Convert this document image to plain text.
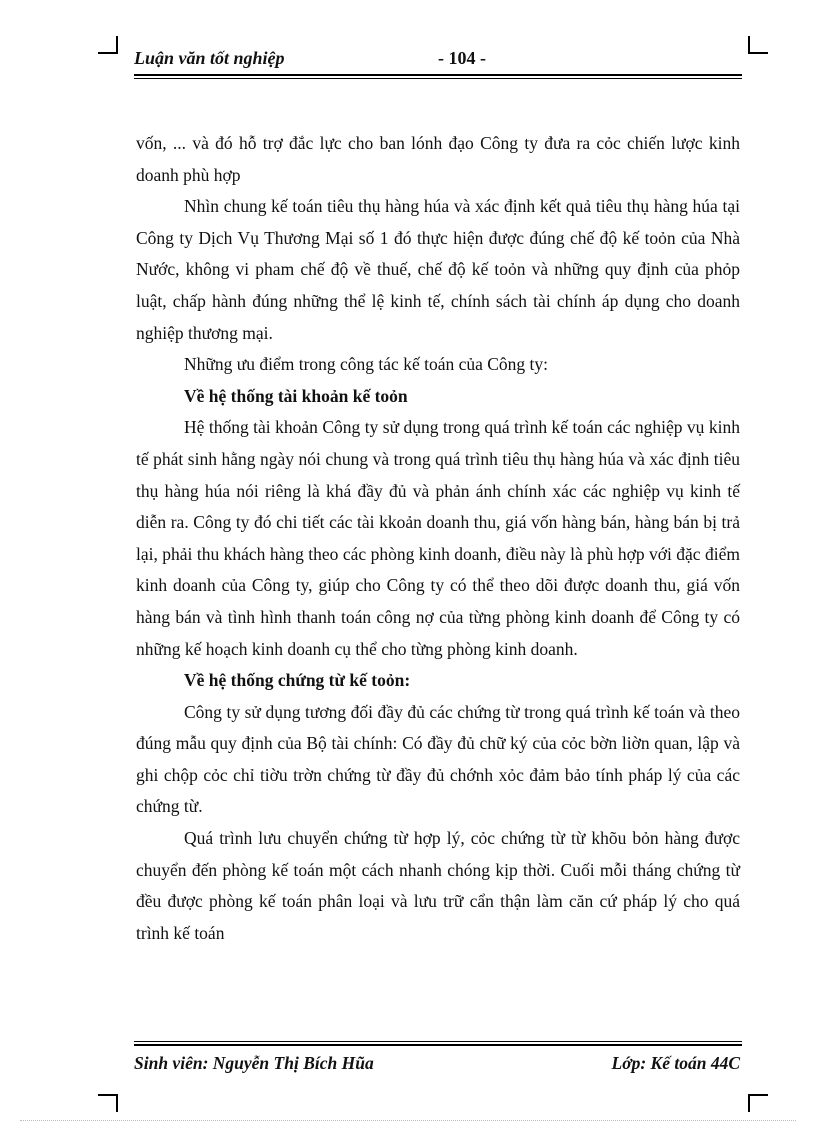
Luận văn tốt nghiệp	- 104 -

vốn, ... và đó hỗ trợ đắc lực cho ban lónh đạo Công ty đưa ra cỏc chiến lược kinh doanh phù hợp

Nhìn chung kế toán tiêu thụ hàng húa và xác định kết quả tiêu thụ hàng húa tại Công ty Dịch Vụ Thương Mại số 1 đó thực hiện được đúng chế độ kế toỏn của Nhà Nước, không vi pham chế độ về thuế, chế độ kế toỏn và những quy định của phỏp luật, chấp hành đúng những thể lệ kinh tế, chính sách tài chính áp dụng cho doanh nghiệp thương mại.

Những ưu điểm trong công tác kế toán của Công ty:

Về hệ thống tài khoản kế toỏn

Hệ thống tài khoản Công ty sử dụng trong quá trình kế toán các nghiệp vụ kinh tế phát sinh hằng ngày nói chung và trong quá trình tiêu thụ hàng húa và xác định tiêu thụ hàng húa nói riêng là khá đầy đủ và phản ánh chính xác các nghiệp vụ kinh tế diễn ra. Công ty đó chi tiết các tài kkoản doanh thu, giá vốn hàng bán, hàng bán bị trả lại, phải thu khách hàng theo các phòng kinh doanh, điều này là phù hợp với đặc điểm kinh doanh của Công ty, giúp cho Công ty có thể theo dõi được doanh thu, giá vốn hàng bán và tình hình thanh toán công nợ của từng phòng kinh doanh để Công ty có những kế hoạch kinh doanh cụ thể cho từng phòng kinh doanh.

Về hệ thống chứng từ kế toỏn:

Công ty sử dụng tương đối đầy đủ các chứng từ trong quá trình kế toán và theo đúng mẫu quy định của Bộ tài chính: Có đầy đủ chữ ký của cỏc bờn liờn quan, lập và ghi chộp cỏc chỉ tiờu trờn chứng từ đầy đủ chớnh xỏc đảm bảo tính pháp lý của các chứng từ.

Quá trình lưu chuyển chứng từ hợp lý, cỏc chứng từ từ khõu bỏn hàng được chuyển đến phòng kế toán một cách nhanh chóng kịp thời. Cuối mỗi tháng chứng từ đều được phòng kế toán phân loại và lưu trữ cẩn thận làm căn cứ pháp lý cho quá trình kế toán

Sinh viên: Nguyễn Thị Bích Hũa	Lớp: Kế toán 44C
